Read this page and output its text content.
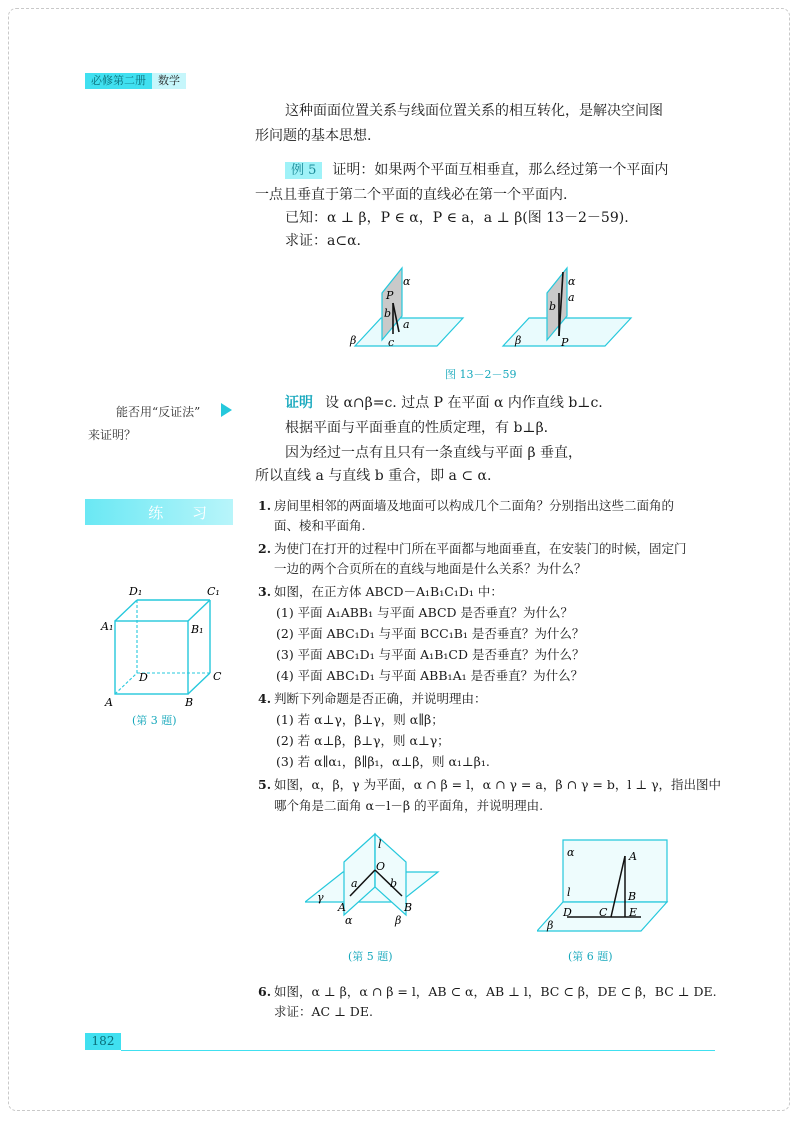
必修第二册	数学
这种面面位置关系与线面位置关系的相互转化，是解决空间图
形问题的基本思想.
例 5 证明：如果两个平面互相垂直，那么经过第一个平面内
一点且垂直于第二个平面的直线必在第一个平面内.
已知：α ⊥ β，P ∈ α，P ∈ a，a ⊥ β(图 13－2－59).
求证：a⊂α.
α
P
b
a
c
β
α
a
b
P
β
图 13－2－59
能否用“反证法”
来证明？
证明 设 α∩β=c. 过点 P 在平面 α 内作直线 b⊥c.
根据平面与平面垂直的性质定理，有 b⊥β.
因为经过一点有且只有一条直线与平面 β 垂直，
所以直线 a 与直线 b 重合，即 a ⊂ α.
练 习	1. 房间里相邻的两面墙及地面可以构成几个二面角？分别指出这些二面角的
面、棱和平面角.
2. 为使门在打开的过程中门所在平面都与地面垂直，在安装门的时候，固定门
一边的两个合页所在的直线与地面是什么关系？为什么？
3. 如图，在正方体 ABCD－A₁B₁C₁D₁ 中：
(1) 平面 A₁ABB₁ 与平面 ABCD 是否垂直？为什么？
(2) 平面 ABC₁D₁ 与平面 BCC₁B₁ 是否垂直？为什么？
(3) 平面 ABC₁D₁ 与平面 A₁B₁CD 是否垂直？为什么？
(4) 平面 ABC₁D₁ 与平面 ABB₁A₁ 是否垂直？为什么？
4. 判断下列命题是否正确，并说明理由：
(1) 若 α⊥γ，β⊥γ，则 α∥β；
(2) 若 α⊥β，β⊥γ，则 α⊥γ；
(3) 若 α∥α₁，β∥β₁，α⊥β，则 α₁⊥β₁.
5. 如图，α，β，γ 为平面，α ∩ β = l，α ∩ γ = a，β ∩ γ = b，l ⊥ γ，指出图中
哪个角是二面角 α－l－β 的平面角，并说明理由.
6. 如图，α ⊥ β，α ∩ β = l，AB ⊂ α，AB ⊥ l，BC ⊂ β，DE ⊂ β，BC ⊥ DE.
求证：AC ⊥ DE.
D₁	C₁
A₁	B₁
D	C
A	B
(第 3 题)
l
O
a	b
γ
A	B
α	β
(第 5 题)
α	A
l	B
D C E
β
(第 6 题)
182
